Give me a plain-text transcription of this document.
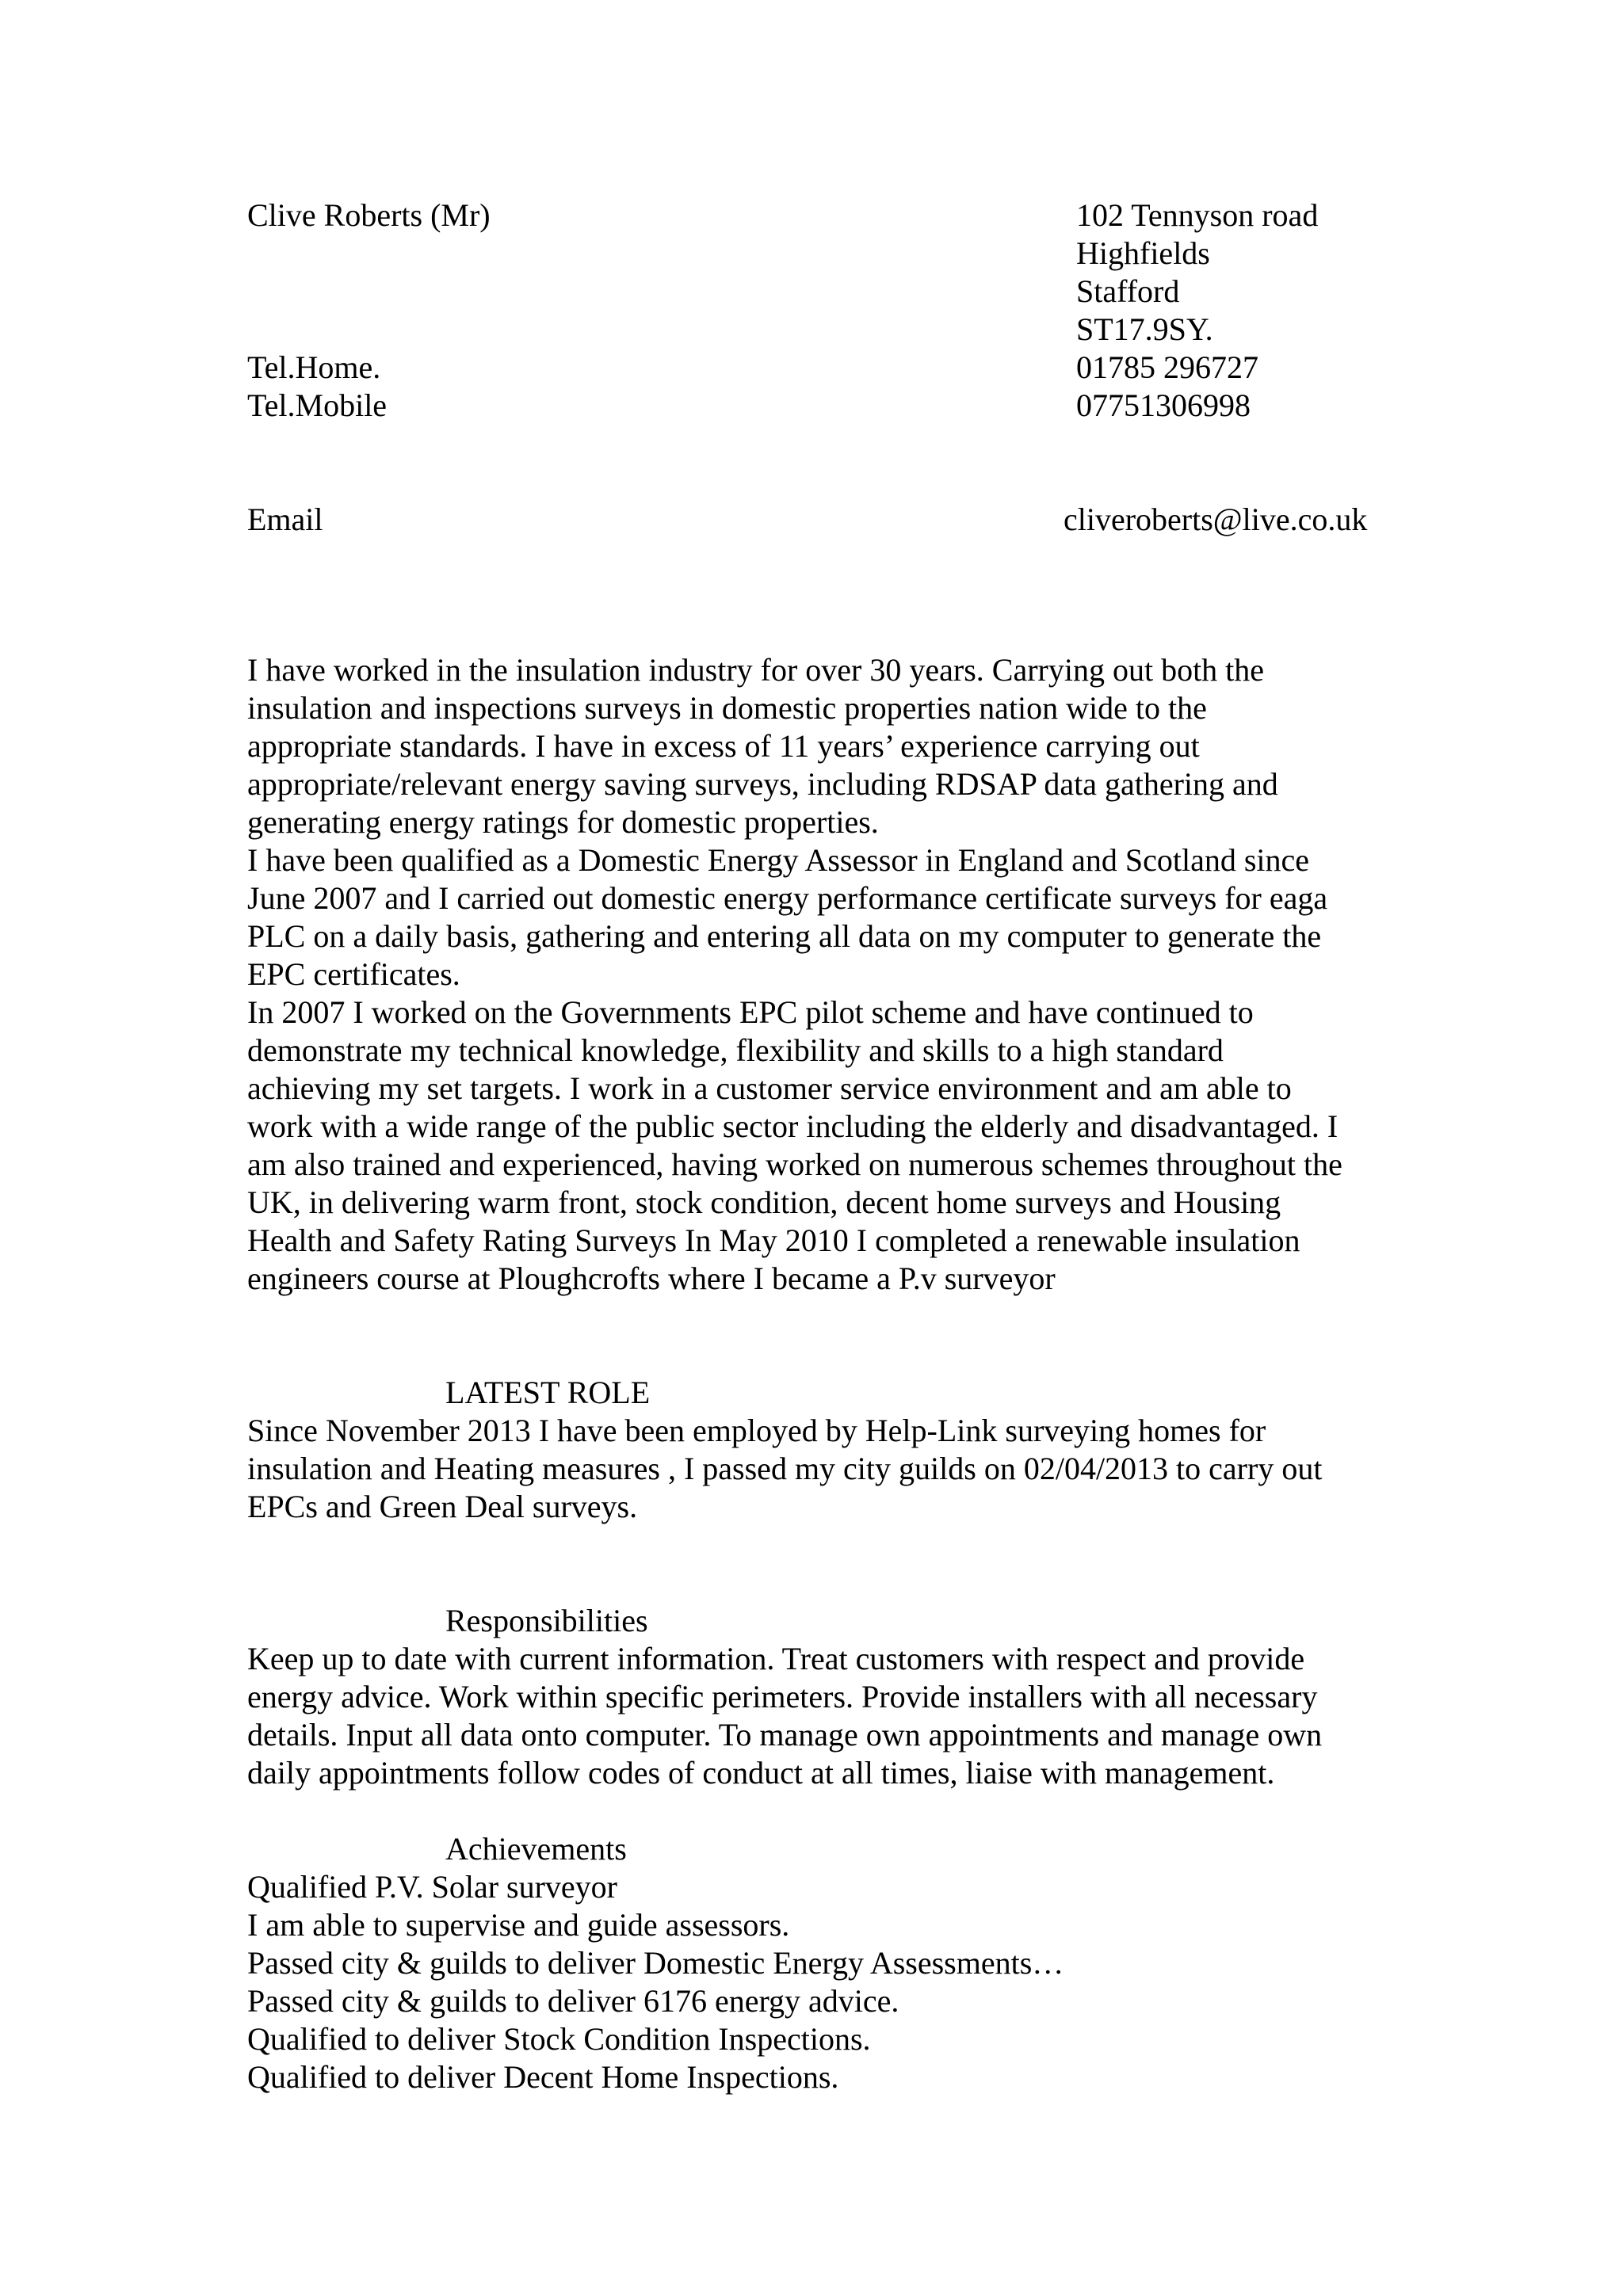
Clive Roberts (Mr)	102 Tennyson road
Highfields
Stafford
ST17.9SY.
Tel.Home.	01785 296727
Tel.Mobile	07751306998
Email	cliveroberts@live.co.uk
I have worked in the insulation industry for over 30 years. Carrying out both the
insulation and inspections surveys in domestic properties nation wide to the
appropriate standards. I have in excess of 11 years’ experience carrying out
appropriate/relevant energy saving surveys, including RDSAP data gathering and
generating energy ratings for domestic properties.
I have been qualified as a Domestic Energy Assessor in England and Scotland since
June 2007 and I carried out domestic energy performance certificate surveys for eaga
PLC on a daily basis, gathering and entering all data on my computer to generate the
EPC certificates.
In 2007 I worked on the Governments EPC pilot scheme and have continued to
demonstrate my technical knowledge, flexibility and skills to a high standard
achieving my set targets. I work in a customer service environment and am able to
work with a wide range of the public sector including the elderly and disadvantaged. I
am also trained and experienced, having worked on numerous schemes throughout the
UK, in delivering warm front, stock condition, decent home surveys and Housing
Health and Safety Rating Surveys In May 2010 I completed a renewable insulation
engineers course at Ploughcrofts where I became a P.v surveyor
LATEST ROLE
Since November 2013 I have been employed by Help-Link surveying homes for
insulation and Heating measures , I passed my city guilds on 02/04/2013 to carry out
EPCs and Green Deal surveys.
Responsibilities
Keep up to date with current information. Treat customers with respect and provide
energy advice. Work within specific perimeters. Provide installers with all necessary
details. Input all data onto computer. To manage own appointments and manage own
daily appointments follow codes of conduct at all times, liaise with management.
Achievements
Qualified P.V. Solar surveyor
I am able to supervise and guide assessors.
Passed city & guilds to deliver Domestic Energy Assessments…
Passed city & guilds to deliver 6176 energy advice.
Qualified to deliver Stock Condition Inspections.
Qualified to deliver Decent Home Inspections.
